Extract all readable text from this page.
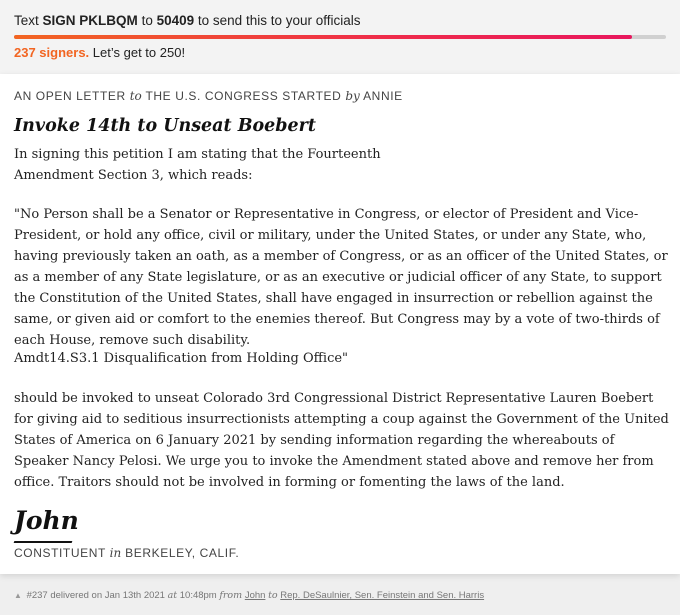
Text SIGN PKLBQM to 50409 to send this to your officials
237 signers. Let’s get to 250!
AN OPEN LETTER to THE U.S. CONGRESS STARTED by ANNIE
Invoke 14th to Unseat Boebert

In signing this petition I am stating that the Fourteenth Amendment Section 3, which reads:

"No Person shall be a Senator or Representative in Congress, or elector of President and Vice-President, or hold any office, civil or military, under the United States, or under any State, who, having previously taken an oath, as a member of Congress, or as an officer of the United States, or as a member of any State legislature, or as an executive or judicial officer of any State, to support the Constitution of the United States, shall have engaged in insurrection or rebellion against the same, or given aid or comfort to the enemies thereof. But Congress may by a vote of two-thirds of each House, remove such disability.

Amdt14.S3.1 Disqualification from Holding Office"

should be invoked to unseat Colorado 3rd Congressional District Representative Lauren Boebert for giving aid to seditious insurrectionists attempting a coup against the Government of the United States of America on 6 January 2021 by sending information regarding the whereabouts of Speaker Nancy Pelosi. We urge you to invoke the Amendment stated above and remove her from office. Traitors should not be involved in forming or fomenting the laws of the land.

John
CONSTITUENT in BERKELEY, CALIF.
▲ #237 delivered on Jan 13th 2021 at 10:48pm from John to Rep. DeSaulnier, Sen. Feinstein and Sen. Harris
